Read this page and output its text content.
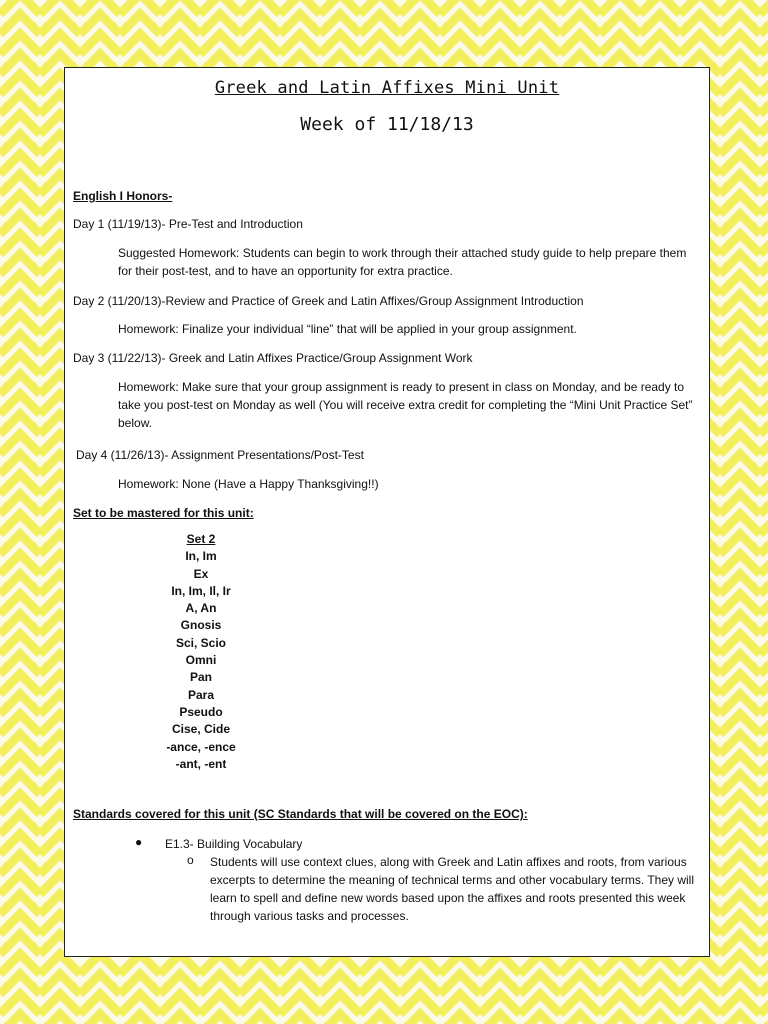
Greek and Latin Affixes Mini Unit
Week of 11/18/13
English I Honors-
Day 1 (11/19/13)- Pre-Test and Introduction
Suggested Homework: Students can begin to work through their attached study guide to help prepare them for their post-test, and to have an opportunity for extra practice.
Day 2 (11/20/13)-Review and Practice of Greek and Latin Affixes/Group Assignment Introduction
Homework: Finalize your individual “line” that will be applied in your group assignment.
Day 3 (11/22/13)- Greek and Latin Affixes Practice/Group Assignment Work
Homework: Make sure that your group assignment is ready to present in class on Monday, and be ready to take you post-test on Monday as well (You will receive extra credit for completing the “Mini Unit Practice Set” below.
Day 4 (11/26/13)- Assignment Presentations/Post-Test
Homework: None (Have a Happy Thanksgiving!!)
Set to be mastered for this unit:
Set 2
In, Im
Ex
In, Im, Il, Ir
A, An
Gnosis
Sci, Scio
Omni
Pan
Para
Pseudo
Cise, Cide
-ance, -ence
-ant, -ent
Standards covered for this unit (SC Standards that will be covered on the EOC):
● E1.3- Building Vocabulary
o Students will use context clues, along with Greek and Latin affixes and roots, from various excerpts to determine the meaning of technical terms and other vocabulary terms. They will learn to spell and define new words based upon the affixes and roots presented this week through various tasks and processes.
